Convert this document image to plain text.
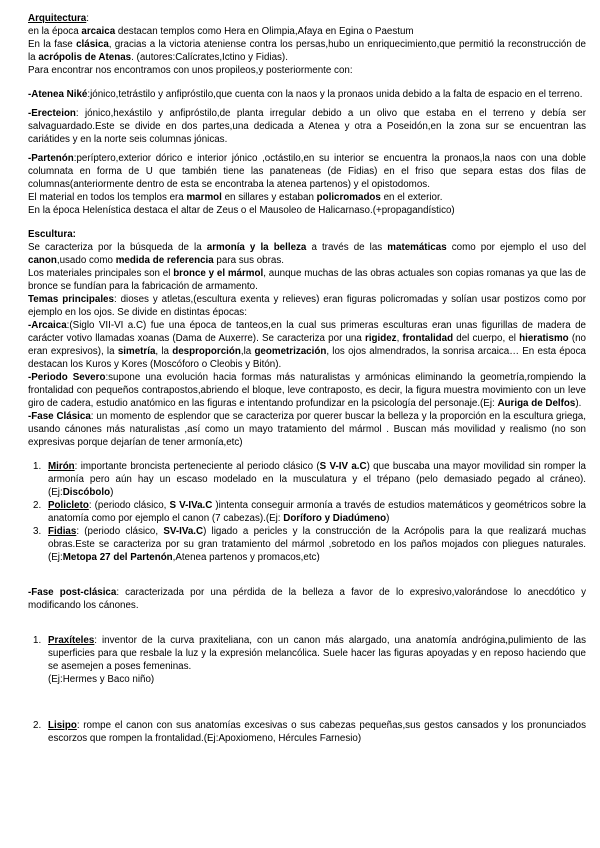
Arquitectura:

en la época arcaica destacan templos como Hera en Olimpia,Afaya en Egina o Paestum

En la fase clásica, gracias a la victoria ateniense contra los persas,hubo un enriquecimiento,que permitió la reconstrucción de la acrópolis de Atenas. (autores:Calícrates,Ictino y Fidias).

Para encontrar nos encontramos con unos propileos,y posteriormente con:

-Atenea Niké:jónico,tetrástilo y anfipróstilo,que cuenta con la naos y la pronaos unida debido a la falta de espacio en el terreno.

-Erecteion: jónico,hexástilo y anfipróstilo,de planta irregular debido a un olivo que estaba en el terreno y debía ser salvaguardado.Este se divide en dos partes,una dedicada a Atenea y otra a Poseidón,en la zona sur se encuentran las cariátides y en la norte seis columnas jónicas.

-Partenón:períptero,exterior dórico e interior jónico ,octástilo,en su interior se encuentra la pronaos,la naos con una doble columnata en forma de U que también tiene las panateneas (de Fidias) en el friso que separa estas dos filas de columnas(anteriormente dentro de esta se encontraba la atenea partenos) y el opistodomos.

El material en todos los templos era marmol en sillares y estaban policromados en el exterior.

En la época Helenística destaca el altar de Zeus o el Mausoleo de Halicarnaso.(+propagandístico)

Escultura:

Se caracteriza por la búsqueda de la armonía y la belleza a través de las matemáticas como por ejemplo el uso del canon,usado como medida de referencia para sus obras.

Los materiales principales son el bronce y el mármol, aunque muchas de las obras actuales son copias romanas ya que las de bronce se fundían para la fabricación de armamento.

Temas principales: dioses y atletas,(escultura exenta y relieves) eran figuras policromadas y solían usar postizos como por ejemplo en los ojos. Se divide en distintas épocas:

-Arcaica:(Siglo VII-VI a.C) fue una época de tanteos,en la cual sus primeras esculturas eran unas figurillas de madera de carácter votivo llamadas xoanas (Dama de Auxerre). Se caracteriza por una rigidez, frontalidad del cuerpo, el hieratismo (no eran expresivos), la simetría, la desproporción,la geometrización, los ojos almendrados, la sonrisa arcaica… En esta época destacan los Kuros y Kores (Moscóforo o Cleobis y Bitón).

-Periodo Severo:supone una evolución hacia formas más naturalistas y armónicas eliminando la geometría,rompiendo la frontalidad con pequeños contrapostos,abriendo el bloque, leve contraposto, es decir, la figura muestra movimiento con un leve giro de cadera, estudio anatómico en las figuras e intentando profundizar en la psicología del personaje.(Ej: Auriga de Delfos).

-Fase Clásica: un momento de esplendor que se caracteriza por querer buscar la belleza y la proporción en la escultura griega, usando cánones más naturalistas ,así como un mayo tratamiento del mármol . Buscan más movilidad y realismo (no son expresivas porque dejarían de tener armonía,etc)

1. Mirón: importante broncista perteneciente al periodo clásico (S V-IV a.C) que buscaba una mayor movilidad sin romper la armonía pero aún hay un escaso modelado en la musculatura y el trépano (pelo demasiado pegado al cráneo).(Ej:Discóbolo)
2. Policleto: (periodo clásico, S V-IVa.C )intenta conseguir armonía a través de estudios matemáticos y geométricos sobre la anatomía como por ejemplo el canon (7 cabezas).(Ej: Doríforo y Diadúmeno)
3. Fidias: (periodo clásico, SV-IVa.C) ligado a pericles y la construcción de la Acrópolis para la que realizará muchas obras.Este se caracteriza por su gran tratamiento del mármol ,sobretodo en los paños mojados con pliegues naturales.(Ej:Metopa 27 del Partenón,Atenea partenos y promacos,etc)

-Fase post-clásica: caracterizada por una pérdida de la belleza a favor de lo expresivo,valorándose lo anecdótico y modificando los cánones.

1. Praxíteles: inventor de la curva praxiteliana, con un canon más alargado, una anatomía andrógina,pulimiento de las superficies para que resbale la luz y la expresión melancólica. Suele hacer las figuras apoyadas y en reposo haciendo que se asemejen a poses femeninas.
(Ej:Hermes y Baco niño)
2. Lisipo: rompe el canon con sus anatomías excesivas o sus cabezas pequeñas,sus gestos cansados y los pronunciados escorzos que rompen la frontalidad.(Ej:Apoxiomeno, Hércules Farnesio)
